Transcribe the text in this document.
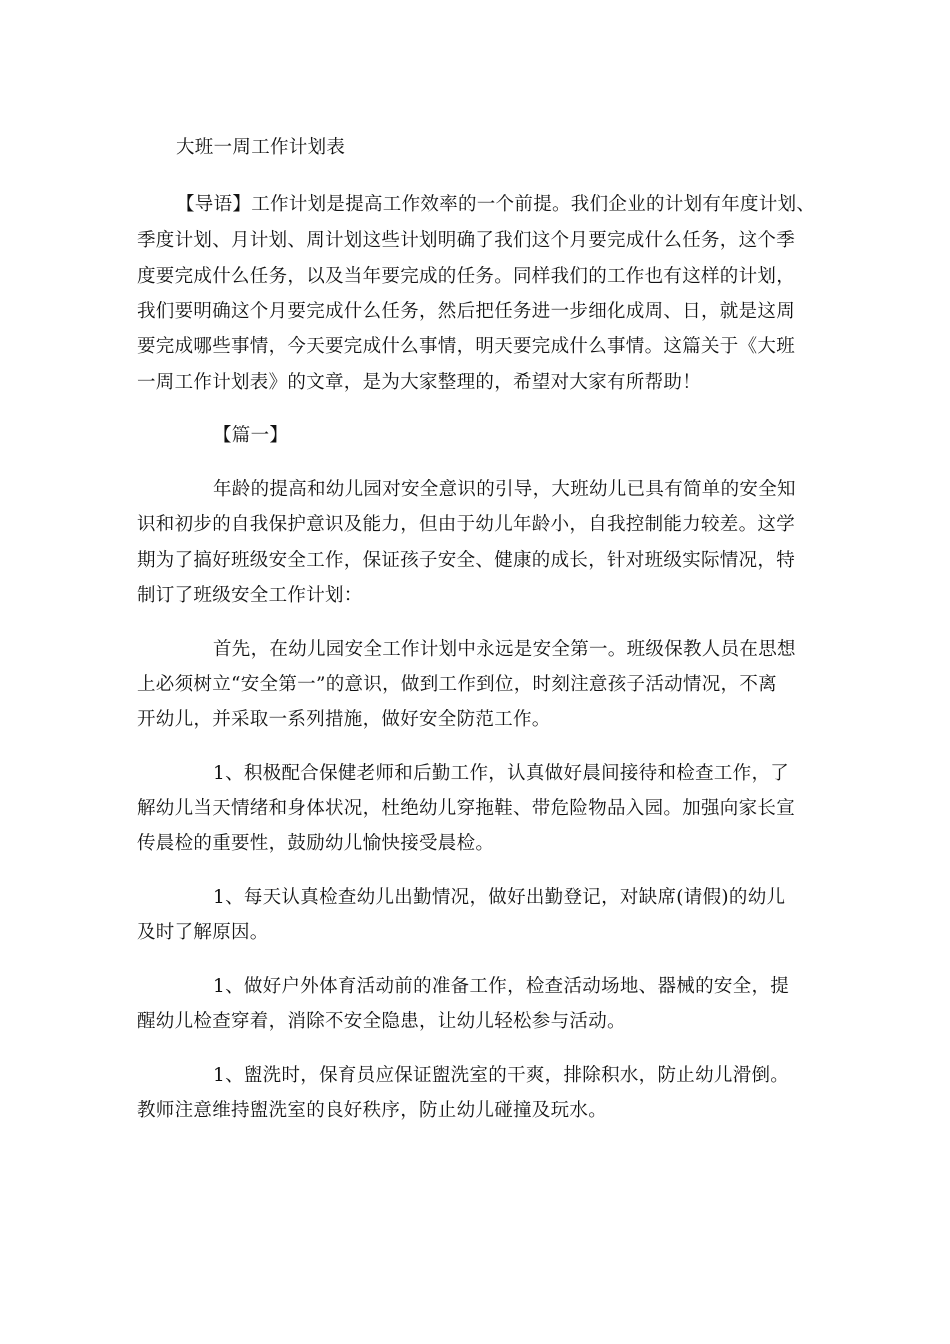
大班一周工作计划表
【导语】工作计划是提高工作效率的一个前提。我们企业的计划有年度计划、
季度计划、月计划、周计划这些计划明确了我们这个月要完成什么任务，这个季
度要完成什么任务，以及当年要完成的任务。同样我们的工作也有这样的计划，
我们要明确这个月要完成什么任务，然后把任务进一步细化成周、日，就是这周
要完成哪些事情，今天要完成什么事情，明天要完成什么事情。这篇关于《大班
一周工作计划表》的文章，是为大家整理的，希望对大家有所帮助！
【篇一】
年龄的提高和幼儿园对安全意识的引导，大班幼儿已具有简单的安全知
识和初步的自我保护意识及能力，但由于幼儿年龄小，自我控制能力较差。这学
期为了搞好班级安全工作，保证孩子安全、健康的成长，针对班级实际情况，特
制订了班级安全工作计划：
首先，在幼儿园安全工作计划中永远是安全第一。班级保教人员在思想
上必须树立“安全第一”的意识，做到工作到位，时刻注意孩子活动情况，不离
开幼儿，并采取一系列措施，做好安全防范工作。
1、积极配合保健老师和后勤工作，认真做好晨间接待和检查工作，了
解幼儿当天情绪和身体状况，杜绝幼儿穿拖鞋、带危险物品入园。加强向家长宣
传晨检的重要性，鼓励幼儿愉快接受晨检。
1、每天认真检查幼儿出勤情况，做好出勤登记，对缺席(请假)的幼儿
及时了解原因。
1、做好户外体育活动前的准备工作，检查活动场地、器械的安全，提
醒幼儿检查穿着，消除不安全隐患，让幼儿轻松参与活动。
1、盥洗时，保育员应保证盥洗室的干爽，排除积水，防止幼儿滑倒。
教师注意维持盥洗室的良好秩序，防止幼儿碰撞及玩水。
